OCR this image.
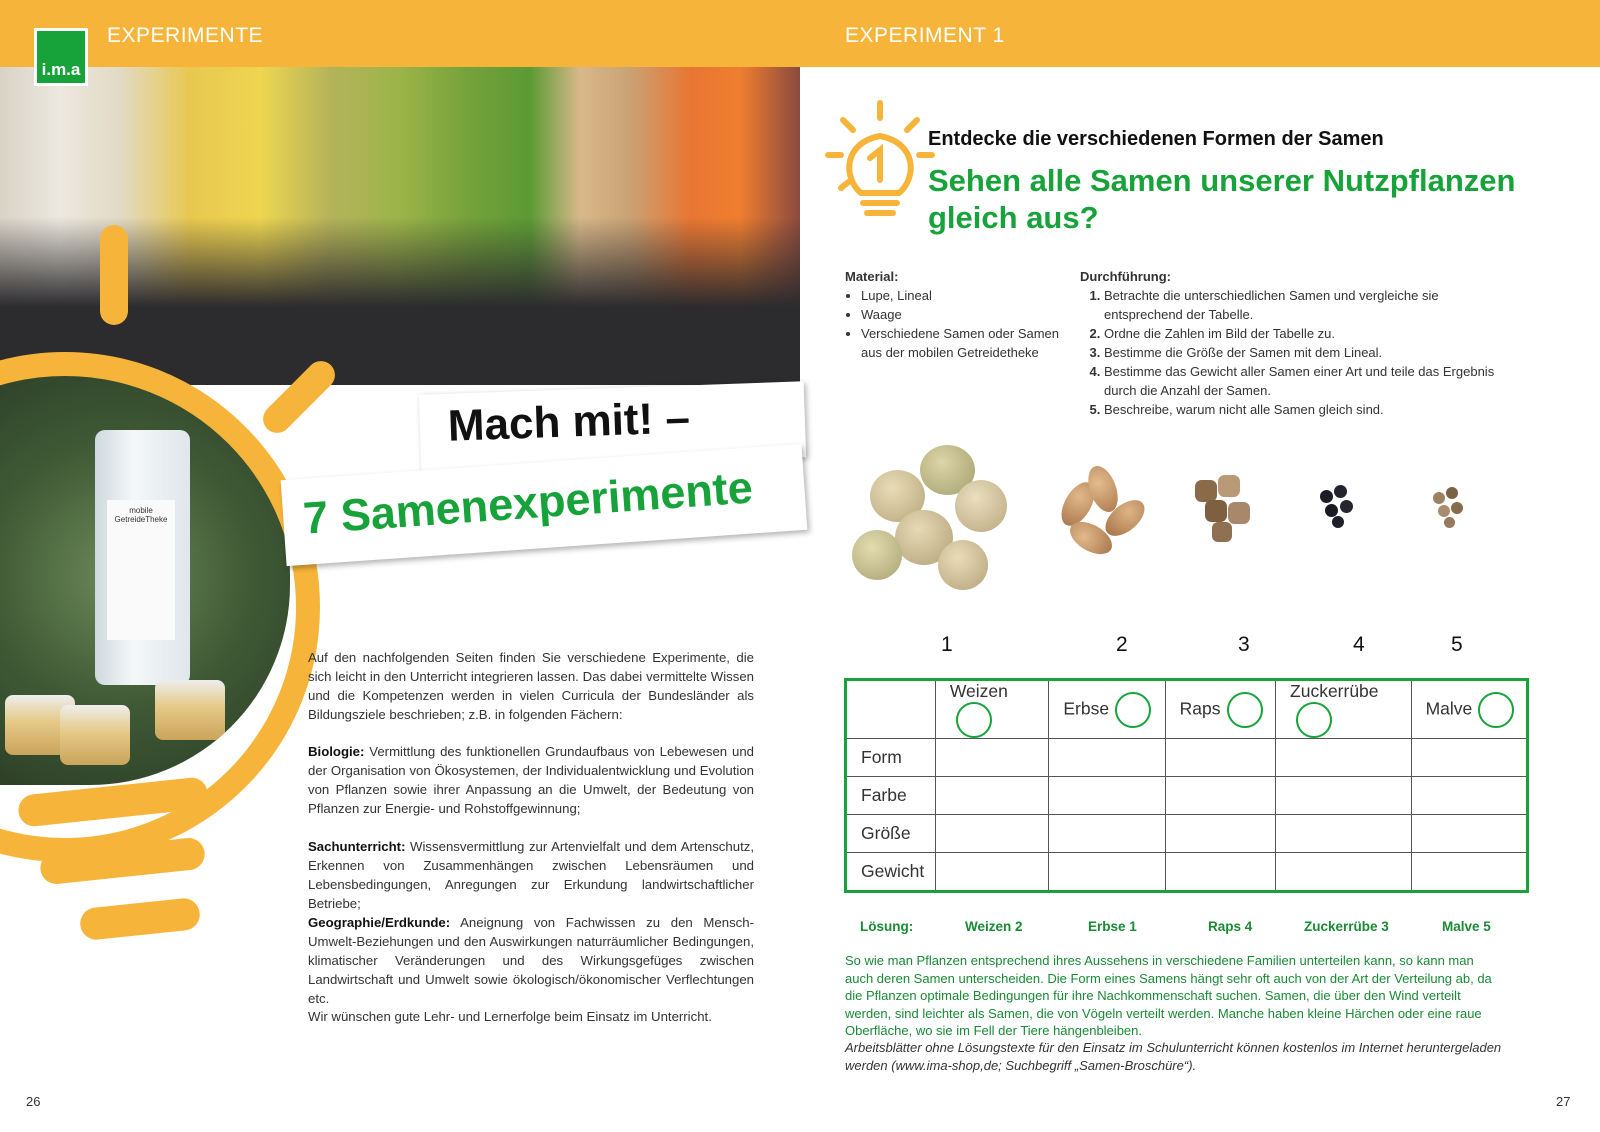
EXPERIMENTE	EXPERIMENT 1
mobile GetreideTheke
i.m.a
Mach mit! –
7 Samenexperimente
Auf den nachfolgenden Seiten finden Sie verschiedene Experimente, die sich leicht in den Unterricht integrieren lassen. Das dabei vermittelte Wissen und die Kompetenzen werden in vielen Curricula der Bundesländer als Bildungsziele beschrieben; z.B. in folgenden Fächern:
Biologie: Vermittlung des funktionellen Grundaufbaus von Lebewesen und der Organisation von Ökosystemen, der Individualentwicklung und Evolution von Pflanzen sowie ihrer Anpassung an die Umwelt, der Bedeutung von Pflanzen zur Energie- und Rohstoffgewinnung;
Sachunterricht: Wissensvermittlung zur Artenvielfalt und dem Artenschutz, Erkennen von Zusammenhängen zwischen Lebensräumen und Lebensbedingungen, Anregungen zur Erkundung landwirtschaftlicher Betriebe;
Geographie/Erdkunde: Aneignung von Fachwissen zu den Mensch-Umwelt-Beziehungen und den Auswirkungen naturräumlicher Bedingungen, klimatischer Veränderungen und des Wirkungsgefüges zwischen Landwirtschaft und Umwelt sowie ökologisch/ökonomischer Verflechtungen etc.
Wir wünschen gute Lehr- und Lernerfolge beim Einsatz im Unterricht.
26
Entdecke die verschiedenen Formen der Samen
Sehen alle Samen unserer Nutzpflanzen gleich aus?
Material:
• Lupe, Lineal
• Waage
• Verschiedene Samen oder Samen aus der mobilen Getreidetheke
Durchführung:
1. Betrachte die unterschiedlichen Samen und vergleiche sie entsprechend der Tabelle.
2. Ordne die Zahlen im Bild der Tabelle zu.
3. Bestimme die Größe der Samen mit dem Lineal.
4. Bestimme das Gewicht aller Samen einer Art und teile das Ergebnis durch die Anzahl der Samen.
5. Beschreibe, warum nicht alle Samen gleich sind.
1	2	3	4	5
	Weizen	Erbse	Raps	Zuckerrübe	Malve
Form					
Farbe					
Größe					
Gewicht					
Lösung:	Weizen 2	Erbse 1	Raps 4	Zuckerrübe 3	Malve 5
So wie man Pflanzen entsprechend ihres Aussehens in verschiedene Familien unterteilen kann, so kann man auch deren Samen unterscheiden. Die Form eines Samens hängt sehr oft auch von der Art der Verteilung ab, da die Pflanzen optimale Bedingungen für ihre Nachkommenschaft suchen. Samen, die über den Wind verteilt werden, sind leichter als Samen, die von Vögeln verteilt werden. Manche haben kleine Härchen oder eine raue Oberfläche, wo sie im Fell der Tiere hängenbleiben.
Arbeitsblätter ohne Lösungstexte für den Einsatz im Schulunterricht können kostenlos im Internet heruntergeladen werden (www.ima-shop,de; Suchbegriff „Samen-Broschüre“).
27
